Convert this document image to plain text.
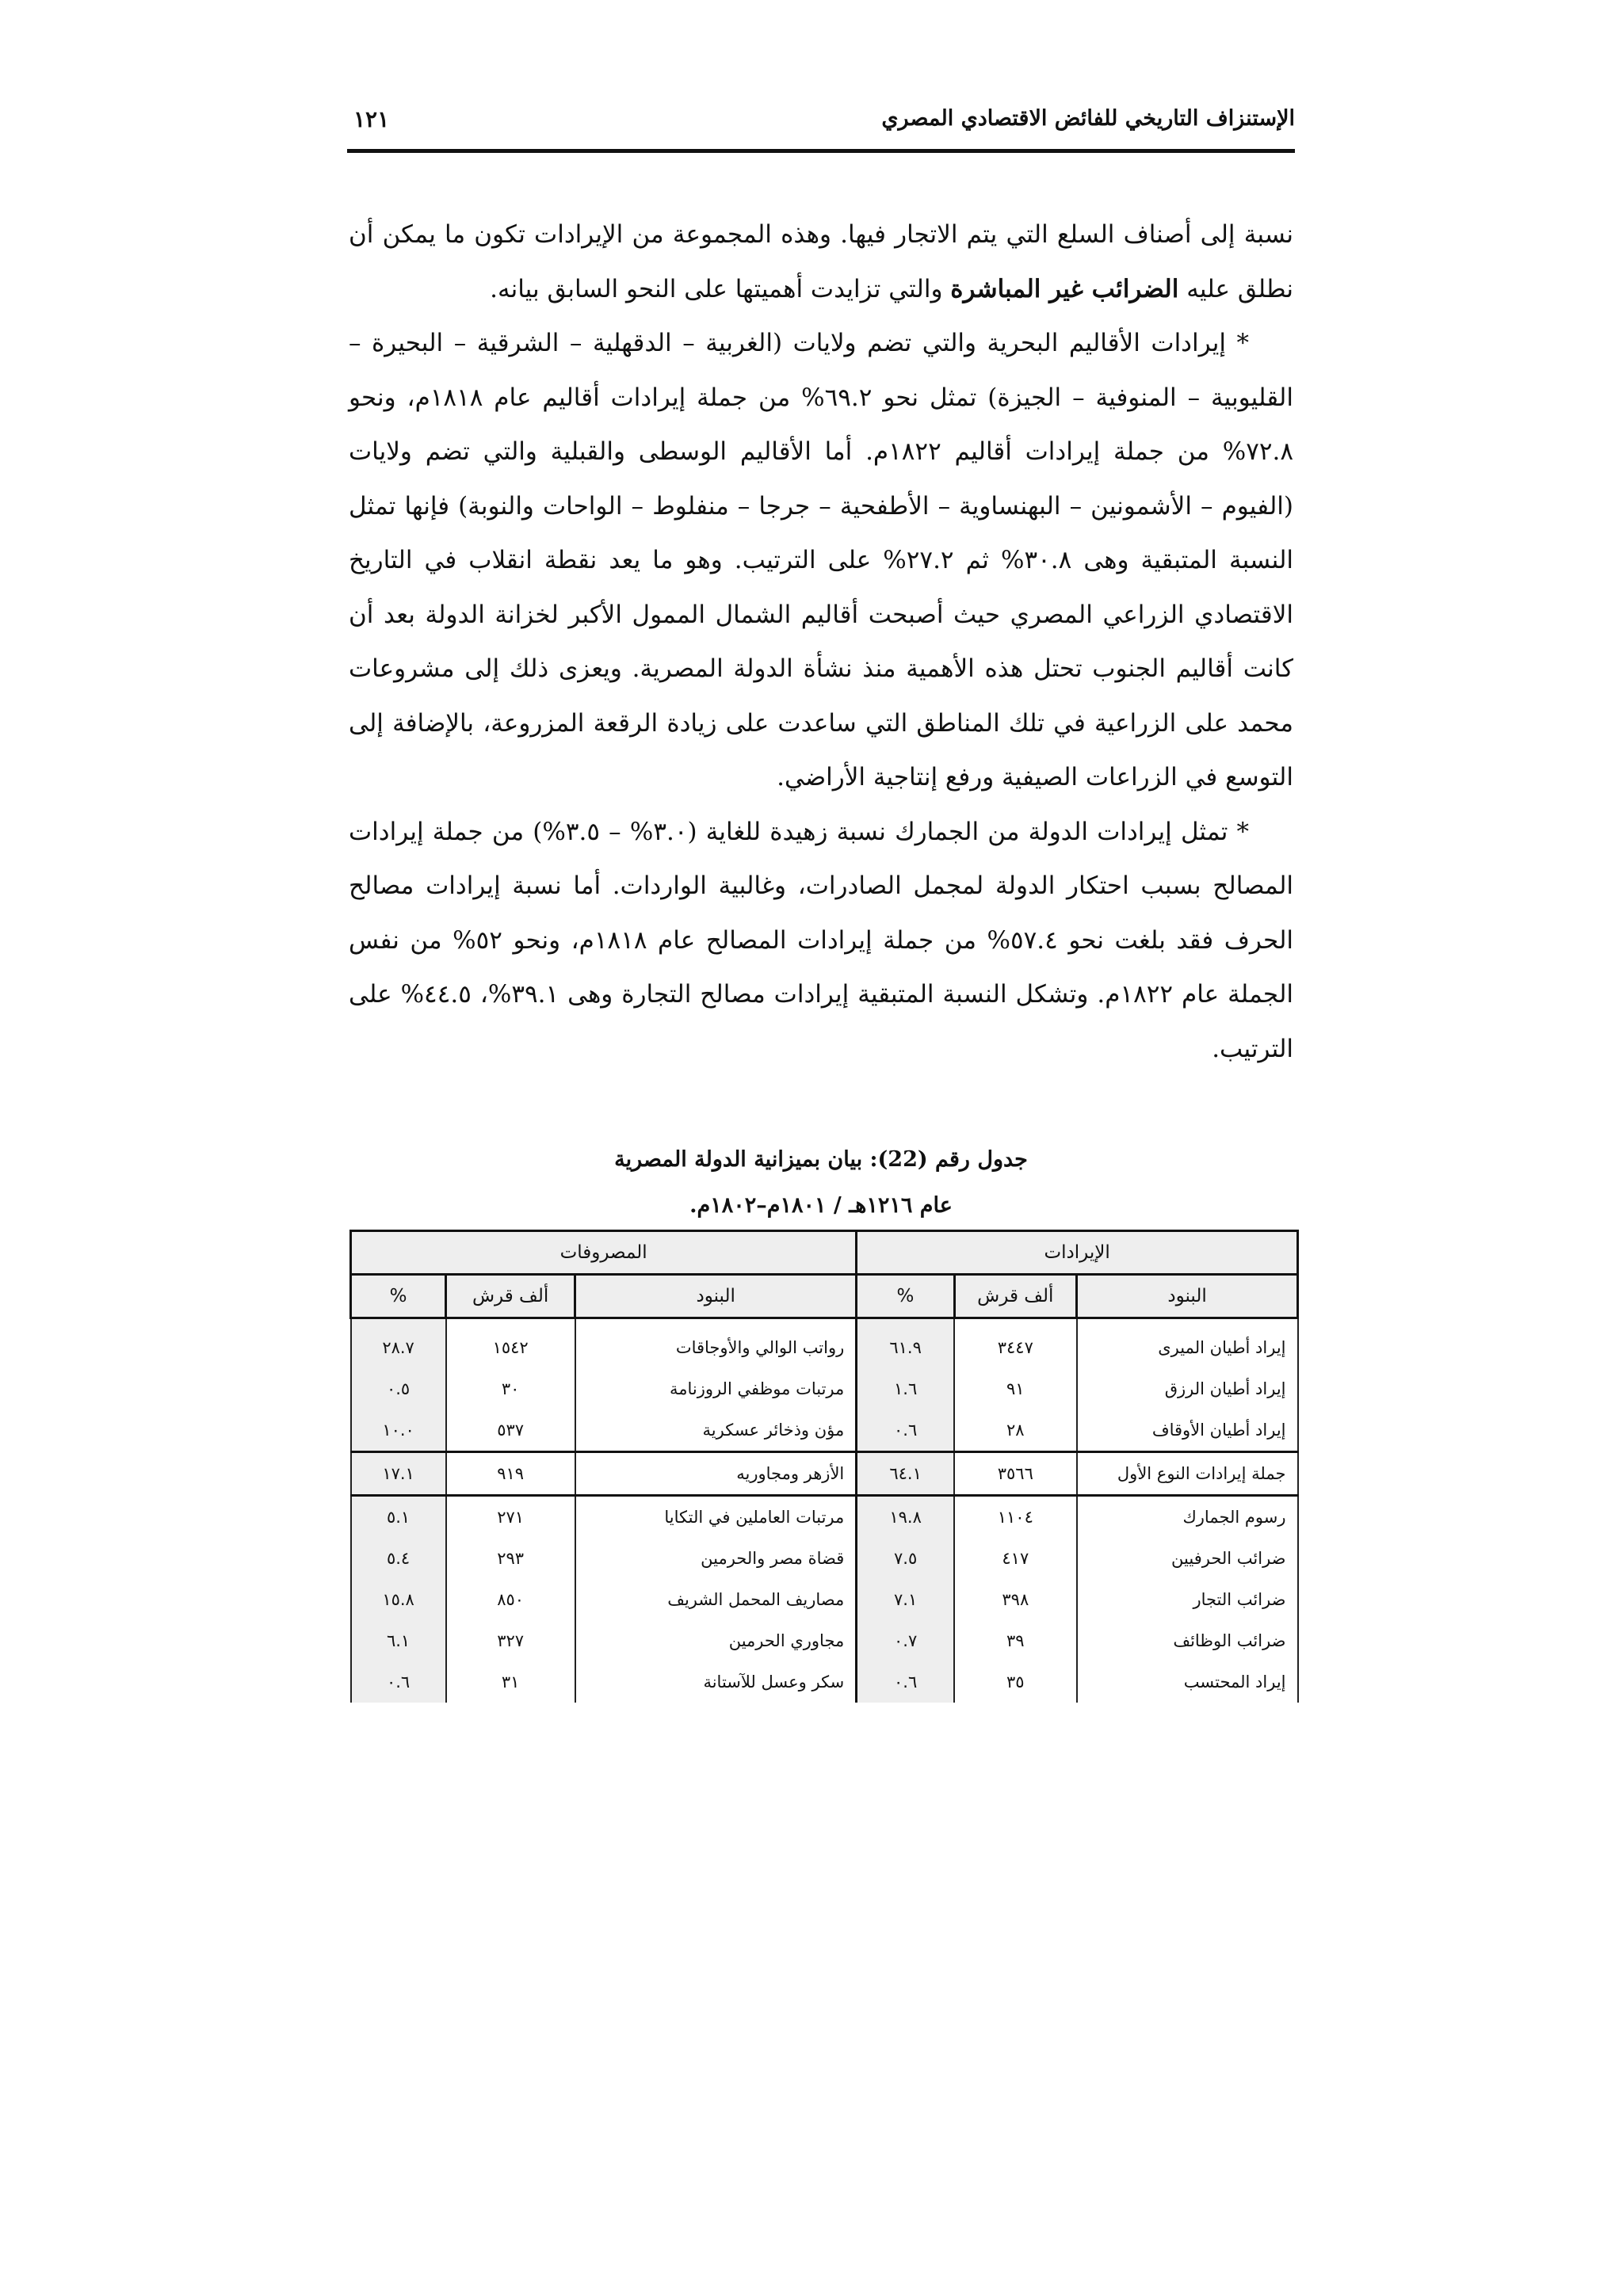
الإستنزاف التاريخي للفائض الاقتصادي المصري
١٢١

نسبة إلى أصناف السلع التي يتم الاتجار فيها. وهذه المجموعة من الإيرادات تكون ما يمكن أن نطلق عليه الضرائب غير المباشرة والتي تزايدت أهميتها على النحو السابق بيانه.

* إيرادات الأقاليم البحرية والتي تضم ولايات (الغربية – الدقهلية – الشرقية – البحيرة – القليوبية – المنوفية – الجيزة) تمثل نحو ٦٩.٢% من جملة إيرادات أقاليم عام ١٨١٨م، ونحو ٧٢.٨% من جملة إيرادات أقاليم ١٨٢٢م. أما الأقاليم الوسطى والقبلية والتي تضم ولايات (الفيوم – الأشمونين – البهنساوية – الأطفحية – جرجا – منفلوط – الواحات والنوبة) فإنها تمثل النسبة المتبقية وهى ٣٠.٨% ثم ٢٧.٢% على الترتيب. وهو ما يعد نقطة انقلاب في التاريخ الاقتصادي الزراعي المصري حيث أصبحت أقاليم الشمال الممول الأكبر لخزانة الدولة بعد أن كانت أقاليم الجنوب تحتل هذه الأهمية منذ نشأة الدولة المصرية. ويعزى ذلك إلى مشروعات محمد على الزراعية في تلك المناطق التي ساعدت على زيادة الرقعة المزروعة، بالإضافة إلى التوسع في الزراعات الصيفية ورفع إنتاجية الأراضي.

* تمثل إيرادات الدولة من الجمارك نسبة زهيدة للغاية (٣.٠% – ٣.٥%) من جملة إيرادات المصالح بسبب احتكار الدولة لمجمل الصادرات، وغالبية الواردات. أما نسبة إيرادات مصالح الحرف فقد بلغت نحو ٥٧.٤% من جملة إيرادات المصالح عام ١٨١٨م، ونحو ٥٢% من نفس الجملة عام ١٨٢٢م. وتشكل النسبة المتبقية إيرادات مصالح التجارة وهى ٣٩.١%، ٤٤.٥% على الترتيب.

جدول رقم (22): بيان بميزانية الدولة المصرية
عام ١٢١٦هـ / ١٨٠١م–١٨٠٢م.
الإيرادات			المصروفات		
البنود	ألف قرش	%	البنود	ألف قرش	%
إيراد أطيان الميرى	٣٤٤٧	٦١.٩	رواتب الوالي والأوجاقات	١٥٤٢	٢٨.٧
إيراد أطيان الرزق	٩١	١.٦	مرتبات موظفي الروزنامة	٣٠	٠.٥
إيراد أطيان الأوقاف	٢٨	٠.٦	مؤن وذخائر عسكرية	٥٣٧	١٠.٠
جملة إيرادات النوع الأول	٣٥٦٦	٦٤.١	الأزهر ومجاوريه	٩١٩	١٧.١
رسوم الجمارك	١١٠٤	١٩.٨	مرتبات العاملين في التكايا	٢٧١	٥.١
ضرائب الحرفيين	٤١٧	٧.٥	قضاة مصر والحرمين	٢٩٣	٥.٤
ضرائب التجار	٣٩٨	٧.١	مصاريف المحمل الشريف	٨٥٠	١٥.٨
ضرائب الوظائف	٣٩	٠.٧	مجاوري الحرمين	٣٢٧	٦.١
إيراد المحتسب	٣٥	٠.٦	سكر وعسل للآستانة	٣١	٠.٦
